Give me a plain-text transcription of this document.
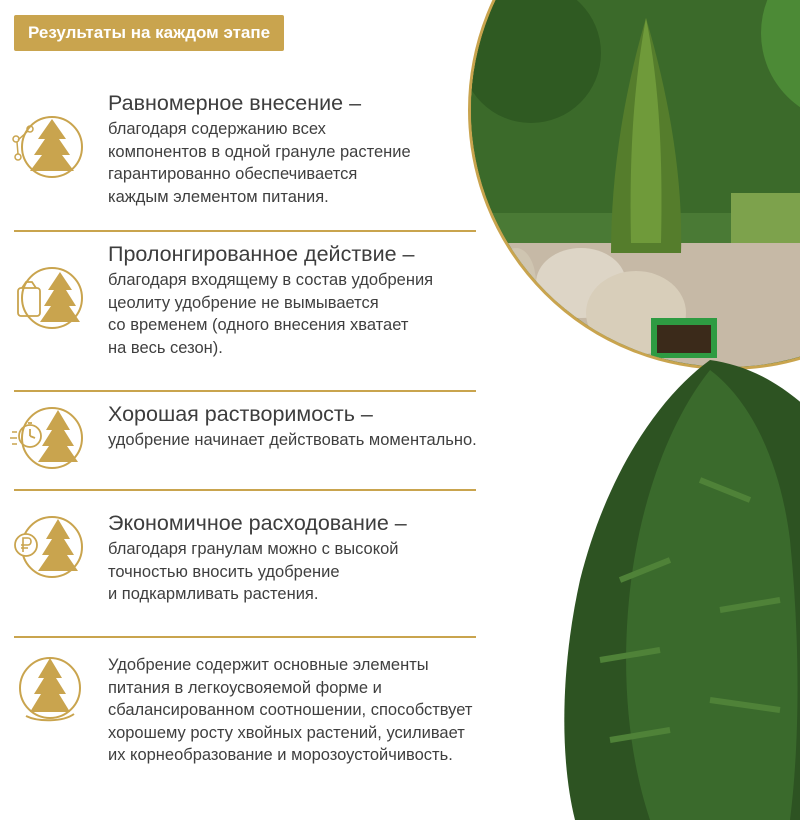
Результаты на каждом этапе

Равномерное внесение –

благодаря содержанию всех
компонентов в одной грануле растение
гарантированно обеспечивается
каждым элементом питания.

Пролонгированное действие –

благодаря входящему в состав удобрения
цеолиту удобрение не вымывается
со временем (одного внесения хватает
на весь сезон).

Хорошая растворимость –

удобрение начинает действовать моментально.

Экономичное расходование –

благодаря гранулам можно с высокой
точностью вносить удобрение
и подкармливать растения.

Удобрение содержит основные элементы
питания в легкоусвояемой форме и
сбалансированном соотношении, способствует
хорошему росту хвойных растений, усиливает
их корнеобразование и морозоустойчивость.
